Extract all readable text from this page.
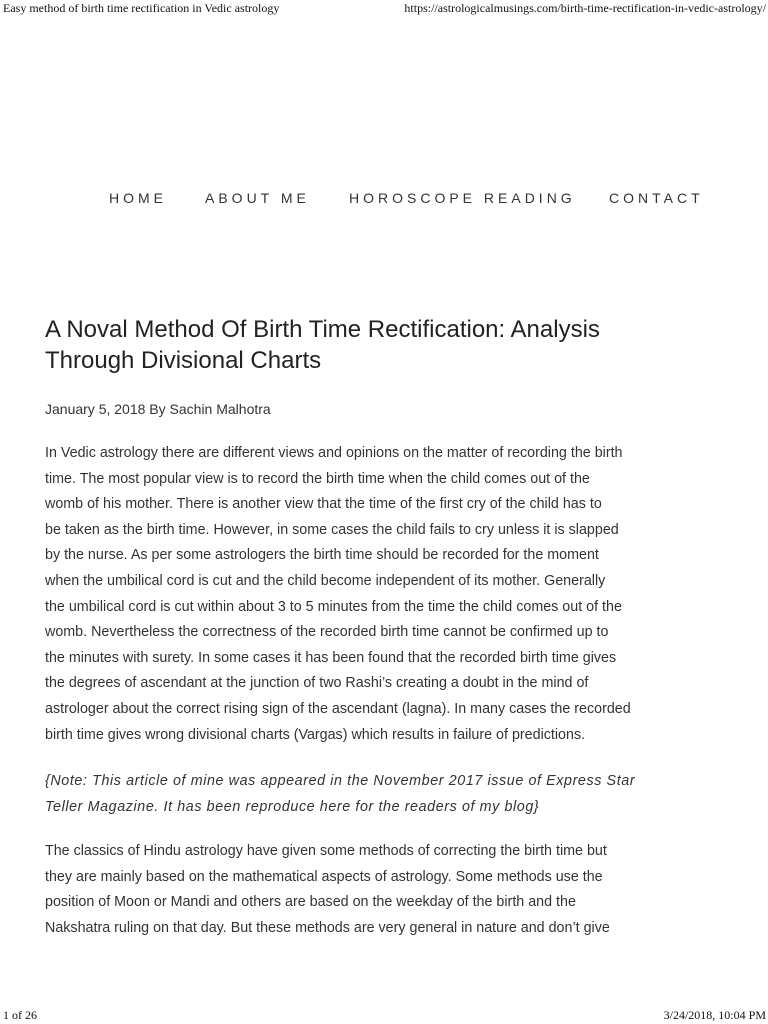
Easy method of birth time rectification in Vedic astrology	https://astrologicalmusings.com/birth-time-rectification-in-vedic-astrology/
HOME	ABOUT ME	HOROSCOPE READING CONTACT
A Noval Method Of Birth Time Rectification: Analysis
Through Divisional Charts
January 5, 2018 By Sachin Malhotra

In Vedic astrology there are different views and opinions on the matter of recording the birth
time. The most popular view is to record the birth time when the child comes out of the
womb of his mother. There is another view that the time of the first cry of the child has to
be taken as the birth time. However, in some cases the child fails to cry unless it is slapped
by the nurse. As per some astrologers the birth time should be recorded for the moment
when the umbilical cord is cut and the child become independent of its mother. Generally
the umbilical cord is cut within about 3 to 5 minutes from the time the child comes out of the
womb. Nevertheless the correctness of the recorded birth time cannot be confirmed up to
the minutes with surety. In some cases it has been found that the recorded birth time gives
the degrees of ascendant at the junction of two Rashi’s creating a doubt in the mind of
astrologer about the correct rising sign of the ascendant (lagna). In many cases the recorded
birth time gives wrong divisional charts (Vargas) which results in failure of predictions.

{Note: This article of mine was appeared in the November 2017 issue of Express Star
Teller Magazine. It has been reproduce here for the readers of my blog}

The classics of Hindu astrology have given some methods of correcting the birth time but
they are mainly based on the mathematical aspects of astrology. Some methods use the
position of Moon or Mandi and others are based on the weekday of the birth and the
Nakshatra ruling on that day. But these methods are very general in nature and don’t give

1 of 26	3/24/2018, 10:04 PM
